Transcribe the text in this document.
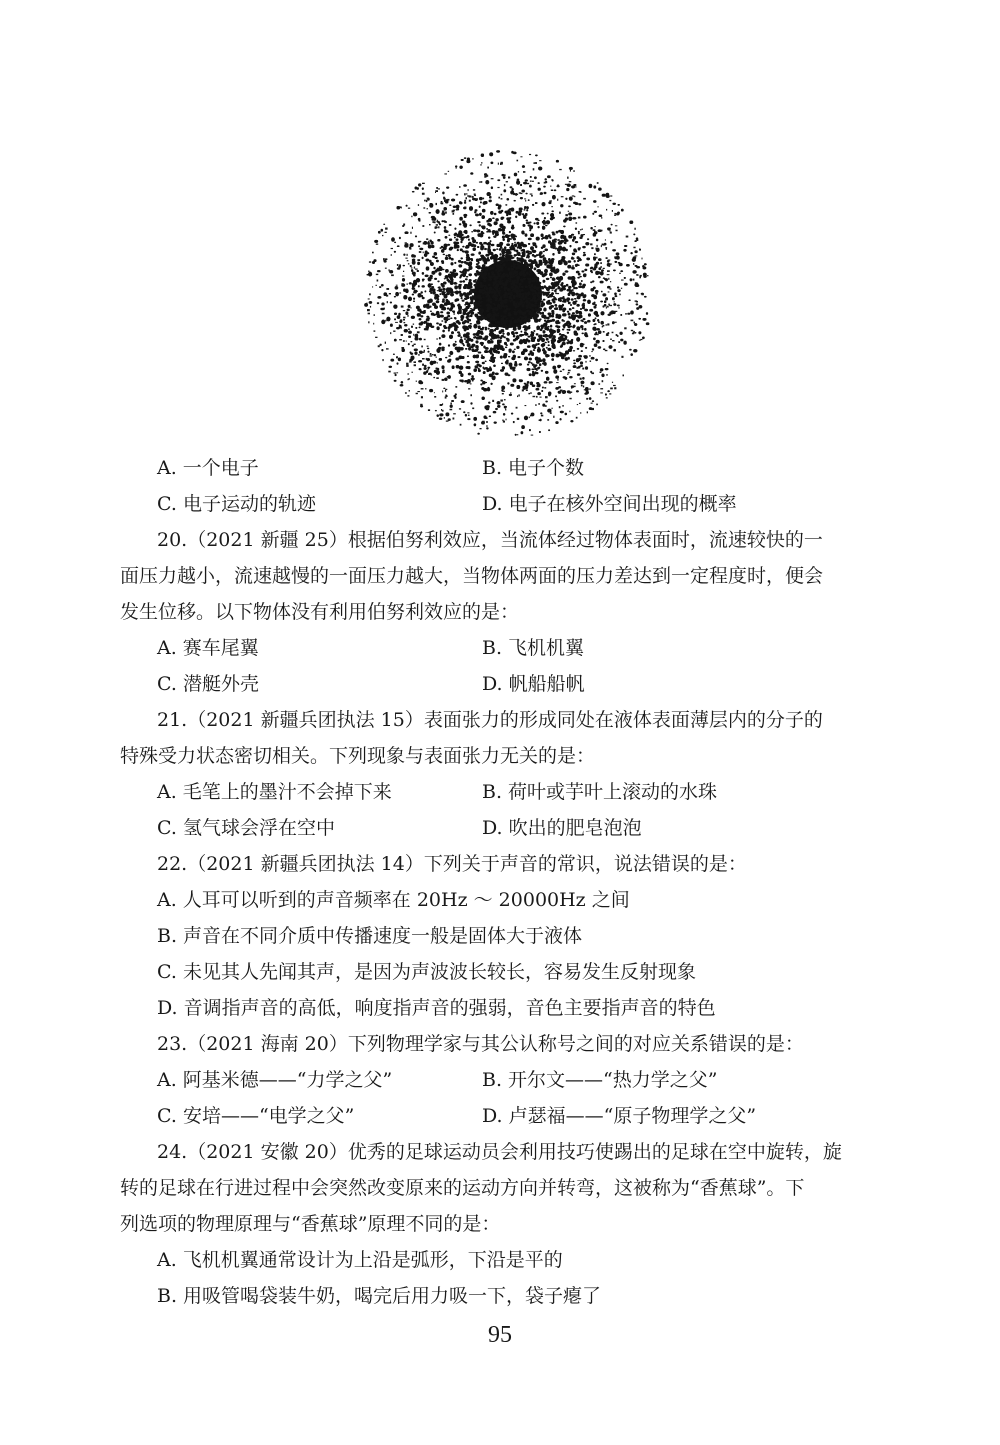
A. 一个电子	B. 电子个数
C. 电子运动的轨迹	D. 电子在核外空间出现的概率
20.（2021 新疆 25）根据伯努利效应，当流体经过物体表面时，流速较快的一
面压力越小，流速越慢的一面压力越大，当物体两面的压力差达到一定程度时，便会
发生位移。以下物体没有利用伯努利效应的是：
A. 赛车尾翼	B. 飞机机翼
C. 潜艇外壳	D. 帆船船帆
21.（2021 新疆兵团执法 15）表面张力的形成同处在液体表面薄层内的分子的
特殊受力状态密切相关。下列现象与表面张力无关的是：
A. 毛笔上的墨汁不会掉下来	B. 荷叶或芋叶上滚动的水珠
C. 氢气球会浮在空中	D. 吹出的肥皂泡泡
22.（2021 新疆兵团执法 14）下列关于声音的常识，说法错误的是：
A. 人耳可以听到的声音频率在 20Hz ～ 20000Hz 之间
B. 声音在不同介质中传播速度一般是固体大于液体
C. 未见其人先闻其声，是因为声波波长较长，容易发生反射现象
D. 音调指声音的高低，响度指声音的强弱，音色主要指声音的特色
23.（2021 海南 20）下列物理学家与其公认称号之间的对应关系错误的是：
A. 阿基米德——“力学之父”	B. 开尔文——“热力学之父”
C. 安培——“电学之父”	D. 卢瑟福——“原子物理学之父”
24.（2021 安徽 20）优秀的足球运动员会利用技巧使踢出的足球在空中旋转，旋
转的足球在行进过程中会突然改变原来的运动方向并转弯，这被称为“香蕉球”。下
列选项的物理原理与“香蕉球”原理不同的是：
A. 飞机机翼通常设计为上沿是弧形，下沿是平的
B. 用吸管喝袋装牛奶，喝完后用力吸一下，袋子瘪了
95
